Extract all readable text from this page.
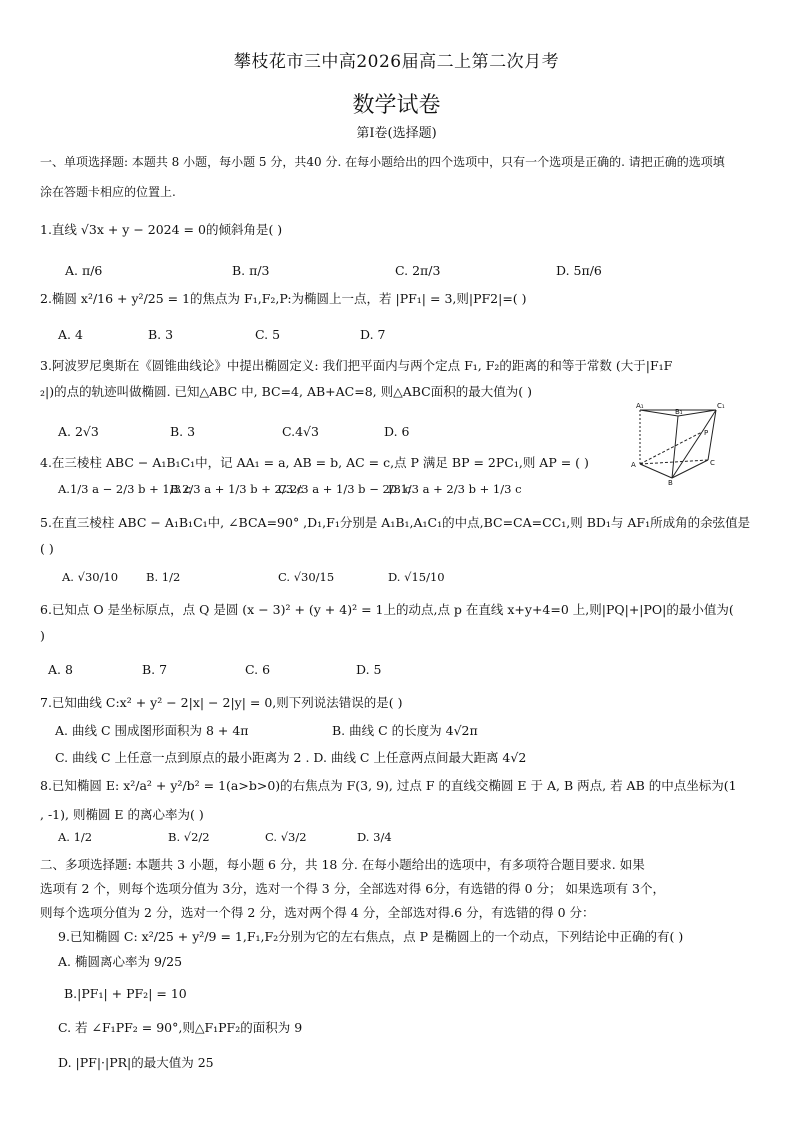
攀枝花市三中高2026届高二上第二次月考
数学试卷
第Ⅰ卷(选择题)
一、单项选择题: 本题共 8 小题，每小题 5 分，共40 分. 在每小题给出的四个选项中，只有一个选项是正确的. 请把正确的选项填
涂在答题卡相应的位置上.
1.直线 √3x + y − 2024 = 0的倾斜角是( )
A. π/6	B. π/3	C. 2π/3	D. 5π/6
2.椭圆 x²/16 + y²/25 = 1的焦点为 F₁,F₂,P:为椭圆上一点，若 |PF₁| = 3,则|PF2|=( )
A. 4	B. 3	C. 5	D. 7
3.阿波罗尼奥斯在《圆锥曲线论》中提出椭圆定义: 我们把平面内与两个定点 F₁, F₂的距离的和等于常数 (大于|F₁F
₂|)的点的轨迹叫做椭圆. 已知△ABC 中, BC=4, AB+AC=8, 则△ABC面积的最大值为( )
A. 2√3	B. 3	C.4√3	D. 6
A₁
B₁
C₁
A
B
C
P
4.在三棱柱 ABC − A₁B₁C₁中，记 AA₁ = a, AB = b, AC = c,点 P 满足 BP = 2PC₁,则 AP = ( )
A.1/3 a − 2/3 b + 1/3 c
B.2/3 a + 1/3 b + 2/3 c
C.2/3 a + 1/3 b − 2/3 c
D.1/3 a + 2/3 b + 1/3 c
5.在直三棱柱 ABC − A₁B₁C₁中, ∠BCA=90° ,D₁,F₁分别是 A₁B₁,A₁C₁的中点,BC=CA=CC₁,则 BD₁与 AF₁所成角的余弦值是
( )
A. √30/10 B. 1/2	C. √30/15	D. √15/10
6.已知点 O 是坐标原点，点 Q 是圆 (x − 3)² + (y + 4)² = 1上的动点,点 p 在直线 x+y+4=0 上,则|PQ|+|PO|的最小值为(
)
A. 8	B. 7	C. 6	D. 5
7.已知曲线 C:x² + y² − 2|x| − 2|y| = 0,则下列说法错误的是( )
A. 曲线 C 围成图形面积为 8 + 4π	B. 曲线 C 的长度为 4√2π
C. 曲线 C 上任意一点到原点的最小距离为 2 . D. 曲线 C 上任意两点间最大距离 4√2
8.已知椭圆 E: x²/a² + y²/b² = 1(a>b>0)的右焦点为 F(3, 9), 过点 F 的直线交椭圆 E 于 A, B 两点, 若 AB 的中点坐标为(1
, -1), 则椭圆 E 的离心率为( )
A. 1/2	B. √2/2	C. √3/2	D. 3/4
二、多项选择题: 本题共 3 小题，每小题 6 分，共 18 分. 在每小题给出的选项中，有多项符合题目要求. 如果
选项有 2 个，则每个选项分值为 3分，选对一个得 3 分，全部选对得 6分，有选错的得 0 分； 如果选项有 3个，
则每个选项分值为 2 分，选对一个得 2 分，选对两个得 4 分，全部选对得.6 分，有选错的得 0 分：
9.已知椭圆 C: x²/25 + y²/9 = 1,F₁,F₂分别为它的左右焦点，点 P 是椭圆上的一个动点，下列结论中正确的有( )
A. 椭圆离心率为 9/25
B.|PF₁| + PF₂| = 10
C. 若 ∠F₁PF₂ = 90°,则△F₁PF₂的面积为 9
D. |PF|·|PR|的最大值为 25
